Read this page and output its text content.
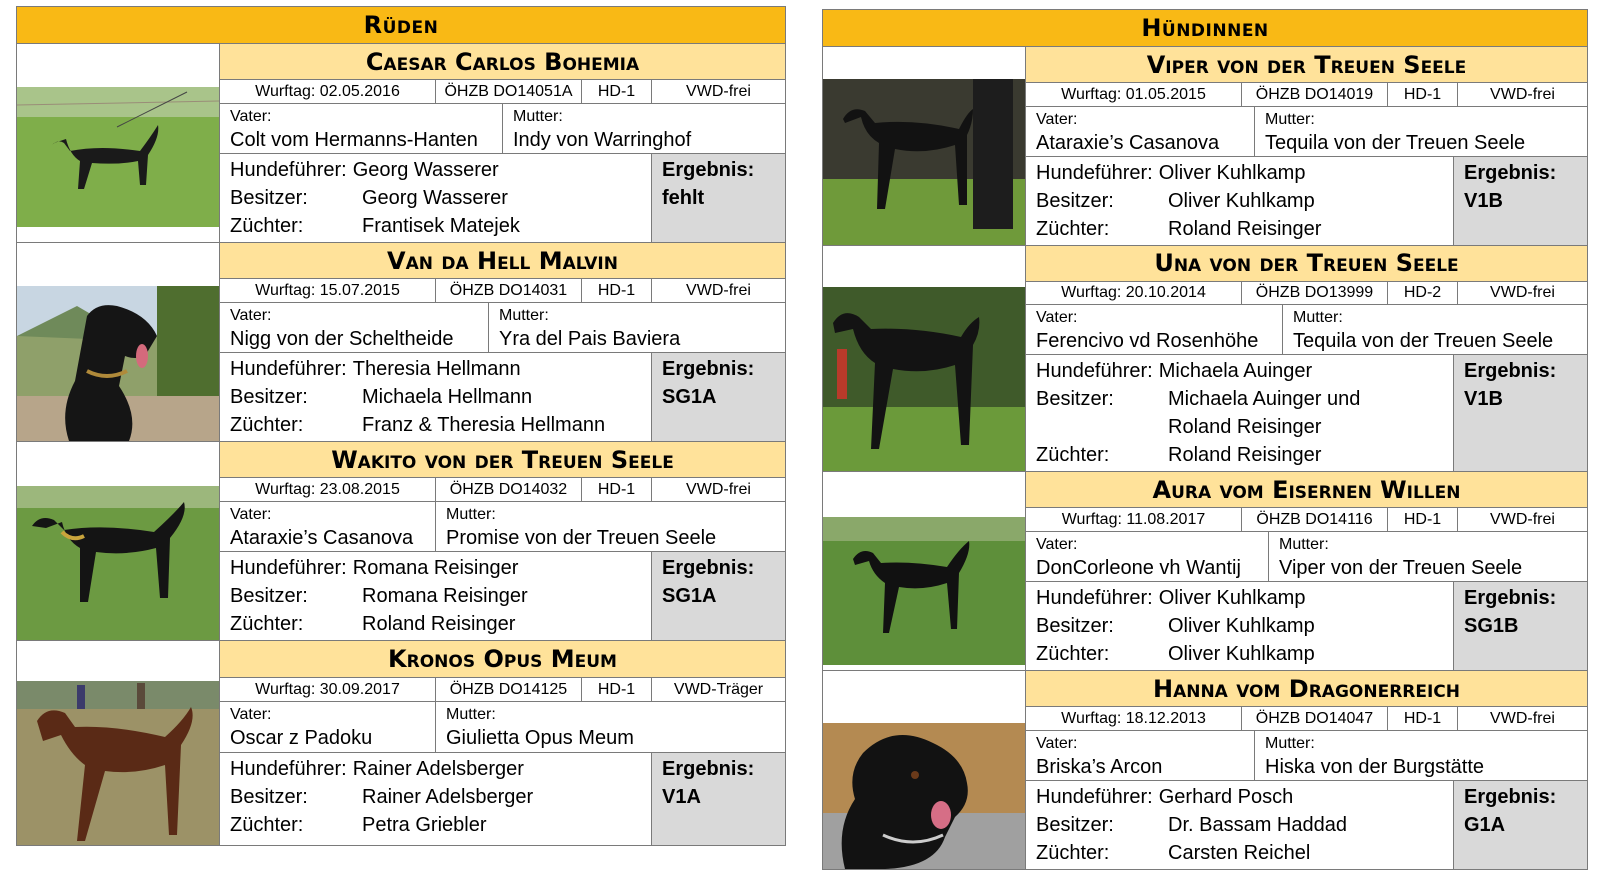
Rüden
Caesar Carlos Bohemia
Wurftag: 02.05.2016	ÖHZB DO14051A	HD-1	VWD-frei
Vater:
Colt vom Hermanns-Hanten
Mutter:
Indy von Warringhof
Hundeführer: Georg Wasserer
Besitzer:	Georg Wasserer
Züchter:	Frantisek Matejek
Ergebnis:
fehlt
Van da Hell Malvin
Wurftag: 15.07.2015	ÖHZB DO14031	HD-1	VWD-frei
Vater:
Nigg von der Scheltheide
Mutter:
Yra del Pais Baviera
Hundeführer: Theresia Hellmann
Besitzer:	Michaela Hellmann
Züchter:	Franz & Theresia Hellmann
Ergebnis:
SG1A
Wakito von der Treuen Seele
Wurftag: 23.08.2015	ÖHZB DO14032	HD-1	VWD-frei
Vater:
Ataraxie’s Casanova
Mutter:
Promise von der Treuen Seele
Hundeführer: Romana Reisinger
Besitzer:	Romana Reisinger
Züchter:	Roland Reisinger
Ergebnis:
SG1A
Kronos Opus Meum
Wurftag: 30.09.2017	ÖHZB DO14125	HD-1	VWD-Träger
Vater:
Oscar z Padoku
Mutter:
Giulietta Opus Meum
Hundeführer: Rainer Adelsberger
Besitzer:	Rainer Adelsberger
Züchter:	Petra Griebler
Ergebnis:
V1A
Hündinnen
Viper von der Treuen Seele
Wurftag: 01.05.2015	ÖHZB DO14019	HD-1	VWD-frei
Vater:
Ataraxie’s Casanova
Mutter:
Tequila von der Treuen Seele
Hundeführer: Oliver Kuhlkamp
Besitzer:	Oliver Kuhlkamp
Züchter:	Roland Reisinger
Ergebnis:
V1B
Una von der Treuen Seele
Wurftag: 20.10.2014	ÖHZB DO13999	HD-2	VWD-frei
Vater:
Ferencivo vd Rosenhöhe
Mutter:
Tequila von der Treuen Seele
Hundeführer: Michaela Auinger
Besitzer:	Michaela Auinger und
Roland Reisinger
Züchter:	Roland Reisinger
Ergebnis:
V1B
Aura vom Eisernen Willen
Wurftag: 11.08.2017	ÖHZB DO14116	HD-1	VWD-frei
Vater:
DonCorleone vh Wantij
Mutter:
Viper von der Treuen Seele
Hundeführer: Oliver Kuhlkamp
Besitzer:	Oliver Kuhlkamp
Züchter:	Oliver Kuhlkamp
Ergebnis:
SG1B
Hanna vom Dragonerreich
Wurftag: 18.12.2013	ÖHZB DO14047	HD-1	VWD-frei
Vater:
Briska’s Arcon
Mutter:
Hiska von der Burgstätte
Hundeführer: Gerhard Posch
Besitzer:	Dr. Bassam Haddad
Züchter:	Carsten Reichel
Ergebnis:
G1A
